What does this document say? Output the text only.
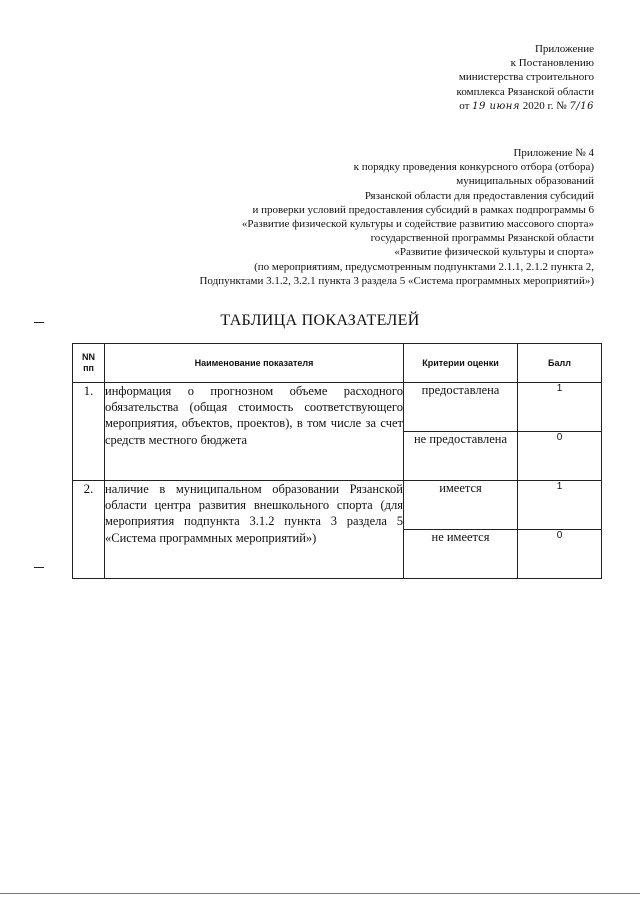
Приложение
к Постановлению
министерства строительного
комплекса Рязанской области
от 19 июня 2020 г. № 7/16
Приложение № 4
к порядку проведения конкурсного отбора (отбора)
муниципальных образований
Рязанской области для предоставления субсидий
и проверки условий предоставления субсидий в рамках подпрограммы 6
«Развитие физической культуры и содействие развитию массового спорта»
государственной программы Рязанской области
«Развитие физической культуры и спорта»
(по мероприятиям, предусмотренным подпунктами 2.1.1, 2.1.2 пункта 2,
Подпунктами 3.1.2, 3.2.1 пункта 3 раздела 5 «Система программных мероприятий»)
ТАБЛИЦА ПОКАЗАТЕЛЕЙ
NN
пп	Наименование показателя	Критерии оценки	Балл
1.	информация о прогнозном объеме расходного обязательства (общая стоимость соответствующего мероприятия, объектов, проектов), в том числе за счет средств местного бюджета	предоставлена	1
		не предоставлена	0
2.	наличие в муниципальном образовании Рязанской области центра развития внешкольного спорта (для мероприятия подпункта 3.1.2 пункта 3 раздела 5 «Система программных мероприятий»)	имеется	1
		не имеется	0
